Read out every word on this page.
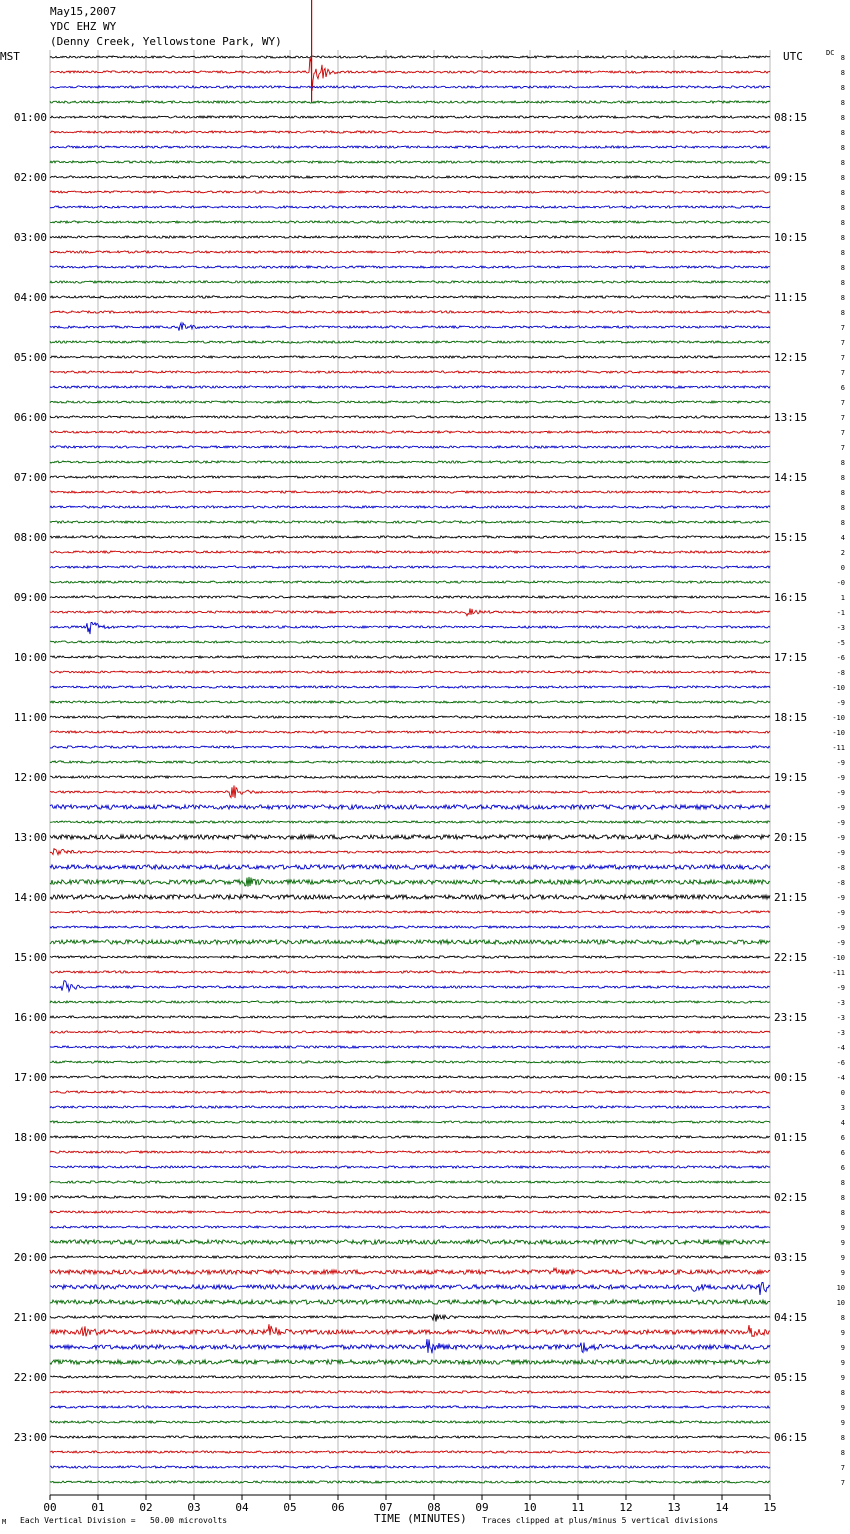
May15,2007
YDC EHZ WY
(Denny Creek, Yellowstone Park, WY)
MST	UTC	DC
00	01	02	03	04	05	06	07	08	09	10	11	12	13	14	15
01:00
02:00
03:00
04:00
05:00
06:00
07:00
08:00
09:00
10:00
11:00
12:00
13:00
14:00
15:00
16:00
17:00
18:00
19:00
20:00
21:00
22:00
23:00
08:15
09:15
10:15
11:15
12:15
13:15
14:15
15:15
16:15
17:15
18:15
19:15
20:15
21:15
22:15
23:15
00:15
01:15
02:15
03:15
04:15
05:15
06:15
8
8
8
8
8
8
8
8
8
8
8
8
8
8
8
8
8
8
7
7
7
7
6
7
7
7
7
8
8
8
8
8
4
2
0
-0
1
-1
-3
-5
-6
-8
-10
-9
-10
-10
-11
-9
-9
-9
-9
-9
-9
-9
-8
-8
-9
-9
-9
-9
-10
-11
-9
-3
-3
-3
-4
-6
-4
0
3
4
6
6
6
8
8
8
9
9
9
9
10
10
8
9
9
9
9
8
9
9
8
8
7
7
TIME (MINUTES)
M Each Vertical Division =   50.00 microvolts	Traces clipped at plus/minus 5 vertical divisions
